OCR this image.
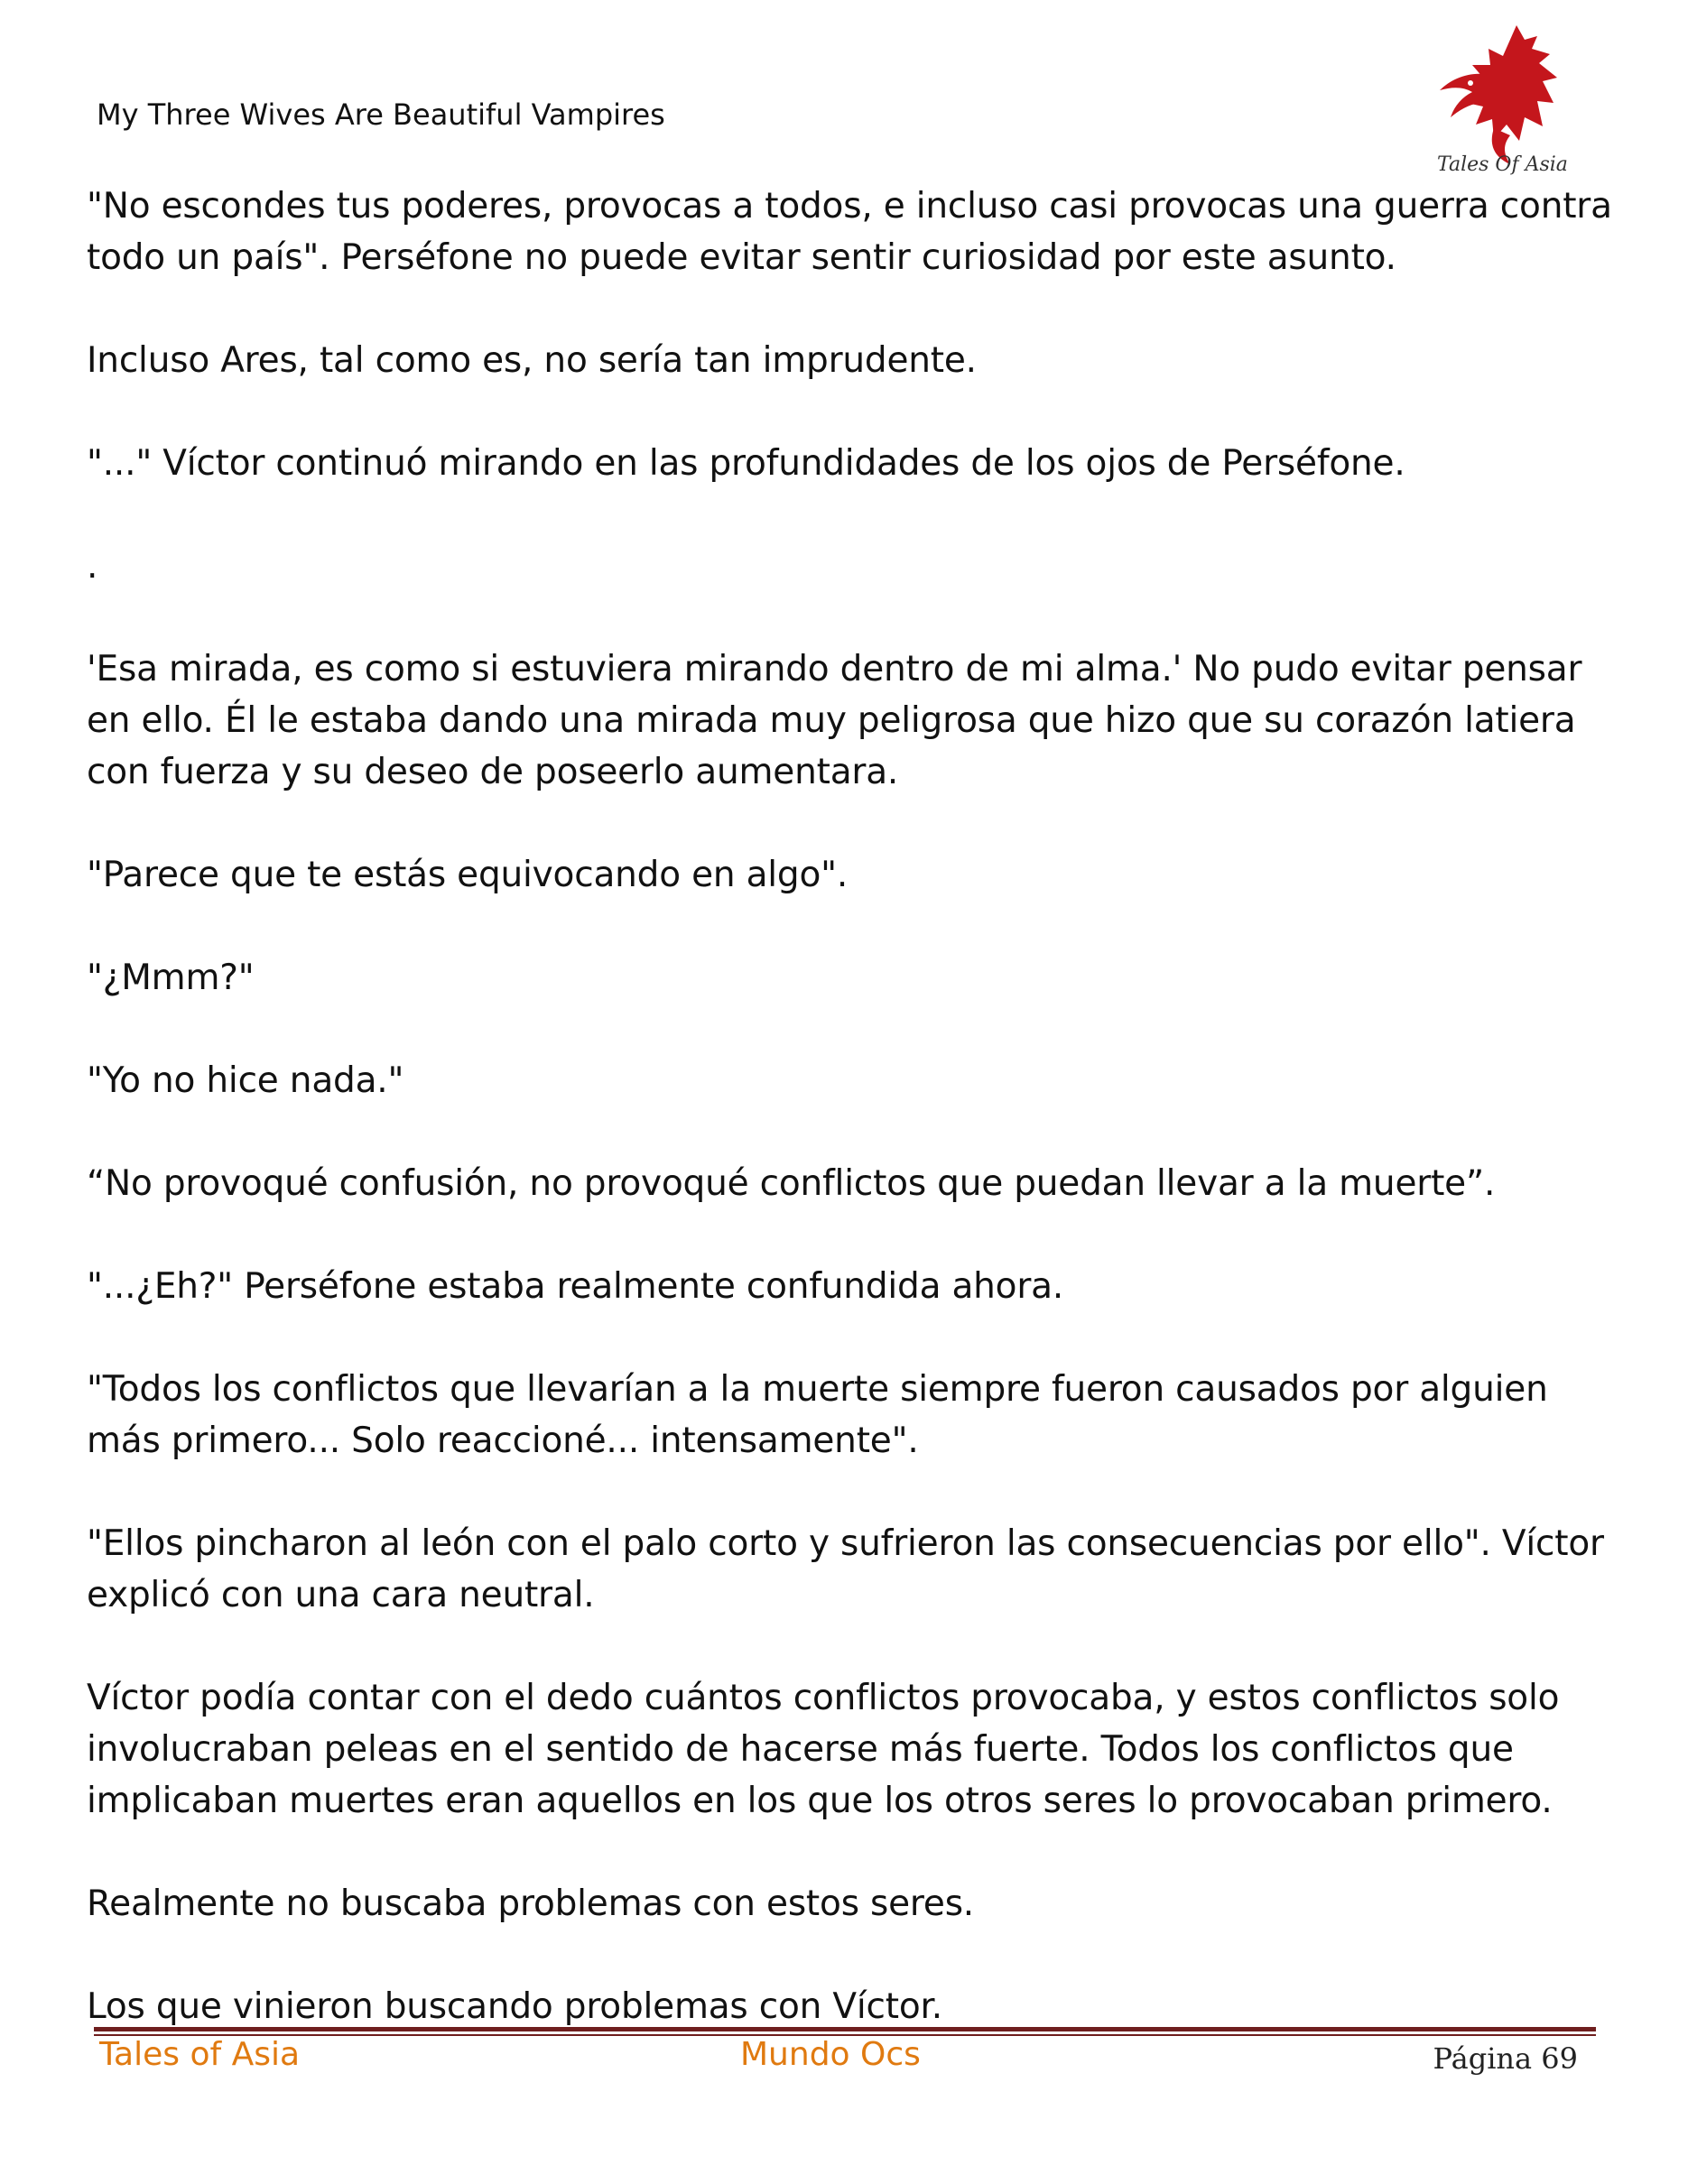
My Three Wives Are Beautiful Vampires
Tales Of Asia

"No escondes tus poderes, provocas a todos, e incluso casi provocas una guerra contra todo un país". Perséfone no puede evitar sentir curiosidad por este asunto.

Incluso Ares, tal como es, no sería tan imprudente.

"..." Víctor continuó mirando en las profundidades de los ojos de Perséfone.

.

'Esa mirada, es como si estuviera mirando dentro de mi alma.' No pudo evitar pensar en ello. Él le estaba dando una mirada muy peligrosa que hizo que su corazón latiera con fuerza y su deseo de poseerlo aumentara.

"Parece que te estás equivocando en algo".

"¿Mmm?"

"Yo no hice nada."

“No provoqué confusión, no provoqué conflictos que puedan llevar a la muerte”.

"...¿Eh?" Perséfone estaba realmente confundida ahora.

"Todos los conflictos que llevarían a la muerte siempre fueron causados por alguien más primero... Solo reaccioné... intensamente".

"Ellos pincharon al león con el palo corto y sufrieron las consecuencias por ello". Víctor explicó con una cara neutral.

Víctor podía contar con el dedo cuántos conflictos provocaba, y estos conflictos solo involucraban peleas en el sentido de hacerse más fuerte. Todos los conflictos que implicaban muertes eran aquellos en los que los otros seres lo provocaban primero.

Realmente no buscaba problemas con estos seres.

Los que vinieron buscando problemas con Víctor.

Tales of Asia	Mundo Ocs	Página 69
